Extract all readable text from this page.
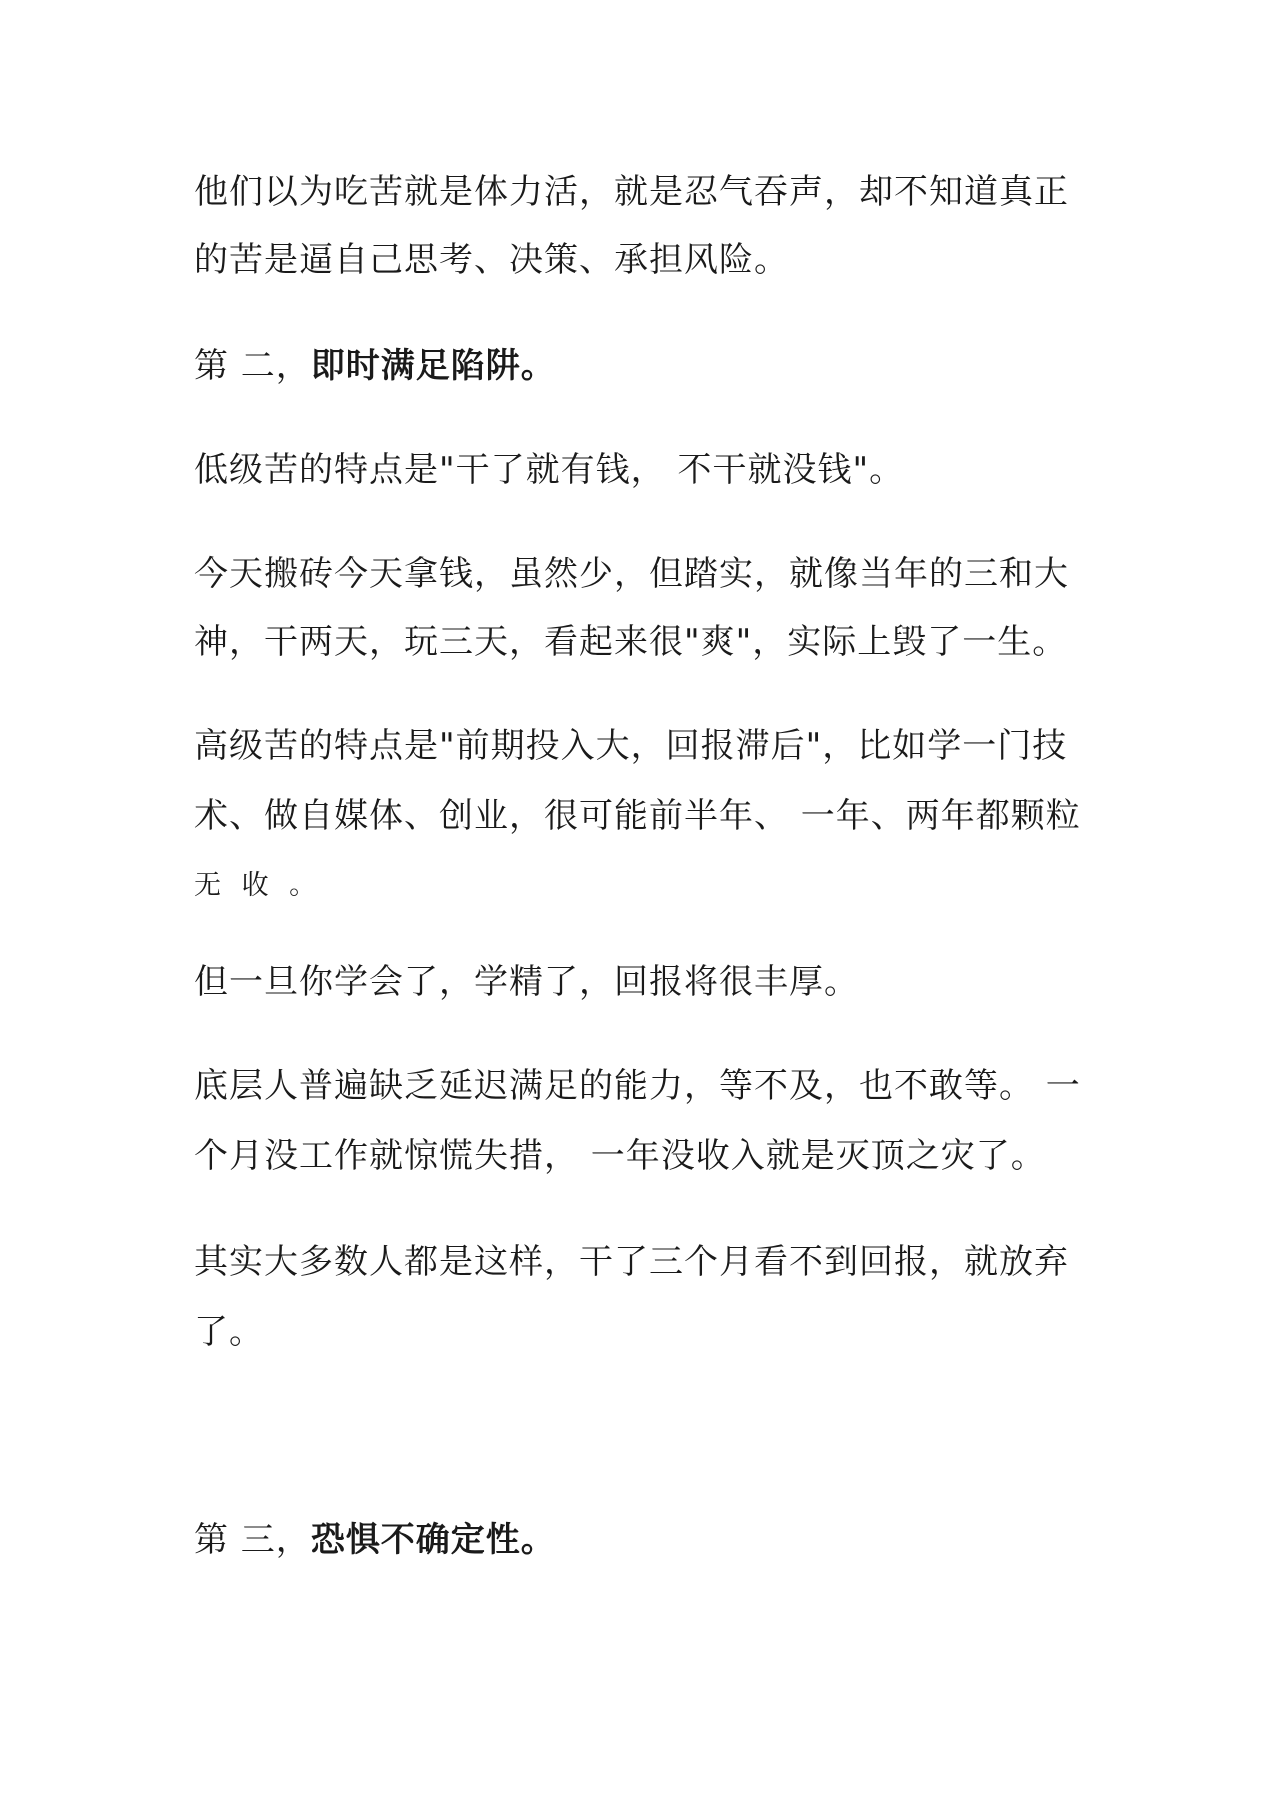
他们以为吃苦就是体力活，就是忍气吞声，却不知道真正

的苦是逼自己思考、决策、承担风险。

第 二，即时满足陷阱。

低级苦的特点是"干了就有钱， 不干就没钱"。

今天搬砖今天拿钱，虽然少，但踏实，就像当年的三和大

神，干两天，玩三天，看起来很"爽"，实际上毁了一生。

高级苦的特点是"前期投入大，回报滞后"，比如学一门技

术、做自媒体、创业，很可能前半年、 一年、两年都颗粒

无 收 。

但一旦你学会了，学精了，回报将很丰厚。

底层人普遍缺乏延迟满足的能力，等不及，也不敢等。 一

个月没工作就惊慌失措， 一年没收入就是灭顶之灾了。

其实大多数人都是这样，干了三个月看不到回报，就放弃

了。

第 三，恐惧不确定性。
